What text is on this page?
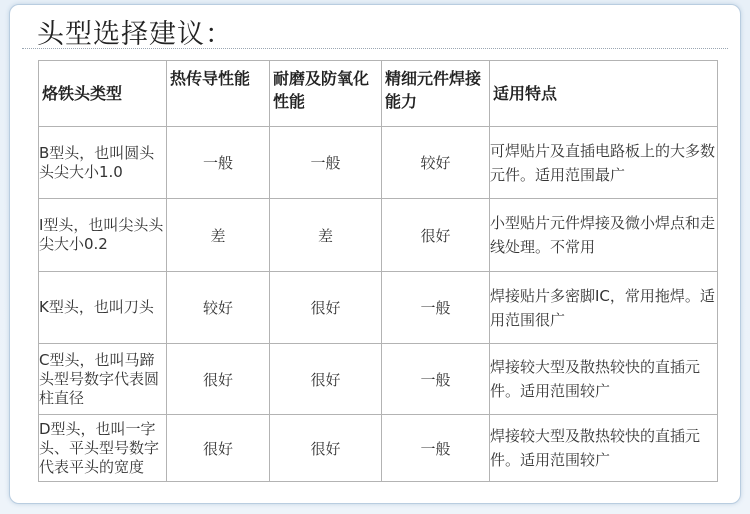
头型选择建议：
烙铁头类型	热传导性能	耐磨及防氧化性能	精细元件焊接能力	适用特点
B型头，也叫圆头头尖大小1.0	一般	一般	较好	可焊贴片及直插电路板上的大多数元件。适用范围最广
I型头，也叫尖头头尖大小0.2	差	差	很好	小型贴片元件焊接及微小焊点和走线处理。不常用
K型头，也叫刀头	较好	很好	一般	焊接贴片多密脚IC，常用拖焊。适用范围很广
C型头，也叫马蹄头型号数字代表圆柱直径	很好	很好	一般	焊接较大型及散热较快的直插元件。适用范围较广
D型头，也叫一字头、平头型号数字代表平头的宽度	很好	很好	一般	焊接较大型及散热较快的直插元件。适用范围较广
